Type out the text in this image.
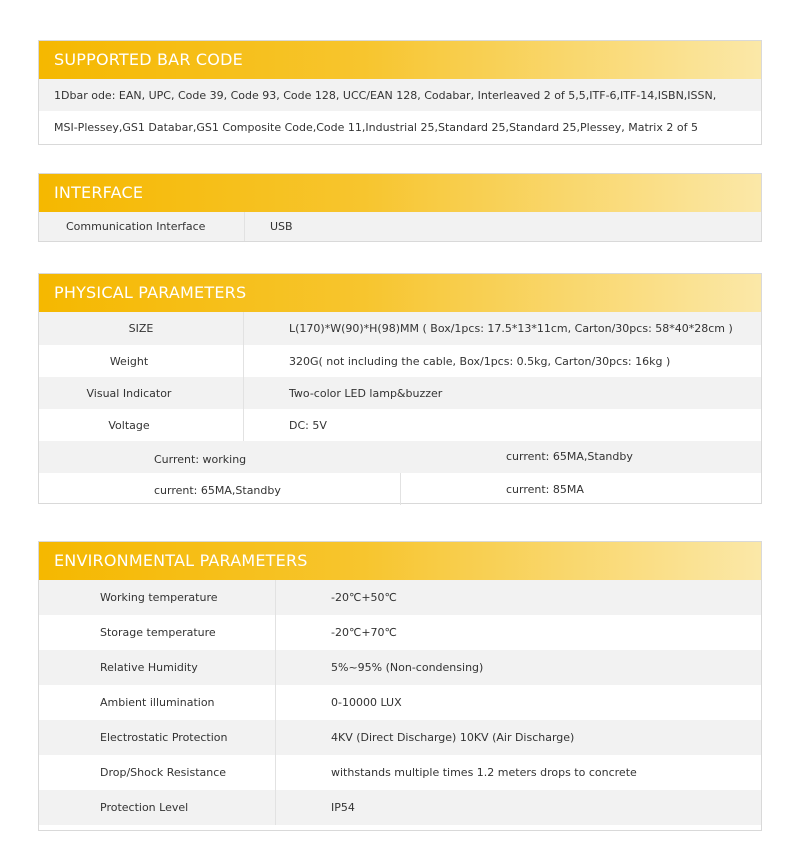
SUPPORTED BAR CODE
1Dbar ode: EAN, UPC, Code 39, Code 93, Code 128, UCC/EAN 128, Codabar, Interleaved 2 of 5,5,ITF-6,ITF-14,ISBN,ISSN,
MSI-Plessey,GS1 Databar,GS1 Composite Code,Code 11,Industrial 25,Standard 25,Standard 25,Plessey, Matrix 2 of 5
INTERFACE
Communication Interface	USB
PHYSICAL PARAMETERS
SIZE	L(170)*W(90)*H(98)MM ( Box/1pcs: 17.5*13*11cm, Carton/30pcs: 58*40*28cm )
Weight	320G( not including the cable, Box/1pcs: 0.5kg, Carton/30pcs: 16kg )
Visual Indicator	Two-color LED lamp&buzzer
Voltage	DC: 5V
Current: working	current: 65MA,Standby
current: 65MA,Standby	current: 85MA
ENVIRONMENTAL PARAMETERS
Working temperature	-20℃+50℃
Storage temperature	-20℃+70℃
Relative Humidity	5%~95% (Non-condensing)
Ambient illumination	0-10000 LUX
Electrostatic Protection	4KV (Direct Discharge) 10KV (Air Discharge)
Drop/Shock Resistance	withstands multiple times 1.2 meters drops to concrete
Protection Level	IP54
